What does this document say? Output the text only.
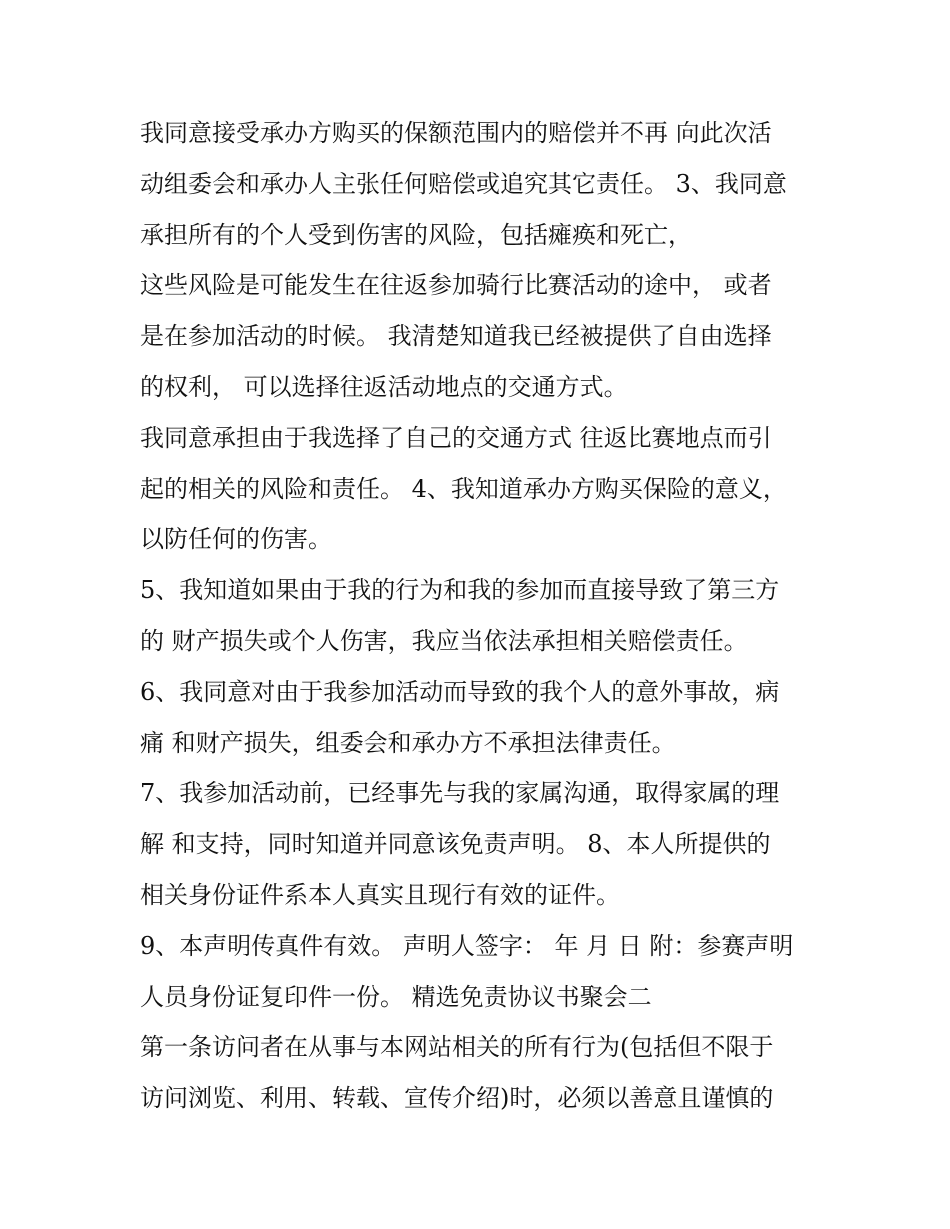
我同意接受承办方购买的保额范围内的赔偿并不再 向此次活
动组委会和承办人主张任何赔偿或追究其它责任。 3、我同意
承担所有的个人受到伤害的风险，包括瘫痪和死亡，
这些风险是可能发生在往返参加骑行比赛活动的途中， 或者
是在参加活动的时候。 我清楚知道我已经被提供了自由选择
的权利， 可以选择往返活动地点的交通方式。
我同意承担由于我选择了自己的交通方式 往返比赛地点而引
起的相关的风险和责任。 4、我知道承办方购买保险的意义，
以防任何的伤害。
5、我知道如果由于我的行为和我的参加而直接导致了第三方
的 财产损失或个人伤害，我应当依法承担相关赔偿责任。
6、我同意对由于我参加活动而导致的我个人的意外事故，病
痛 和财产损失，组委会和承办方不承担法律责任。
7、我参加活动前，已经事先与我的家属沟通，取得家属的理
解 和支持，同时知道并同意该免责声明。 8、本人所提供的
相关身份证件系本人真实且现行有效的证件。
9、本声明传真件有效。 声明人签字： 年 月 日 附：参赛声明
人员身份证复印件一份。 精选免责协议书聚会二
第一条访问者在从事与本网站相关的所有行为(包括但不限于
访问浏览、利用、转载、宣传介绍)时，必须以善意且谨慎的
